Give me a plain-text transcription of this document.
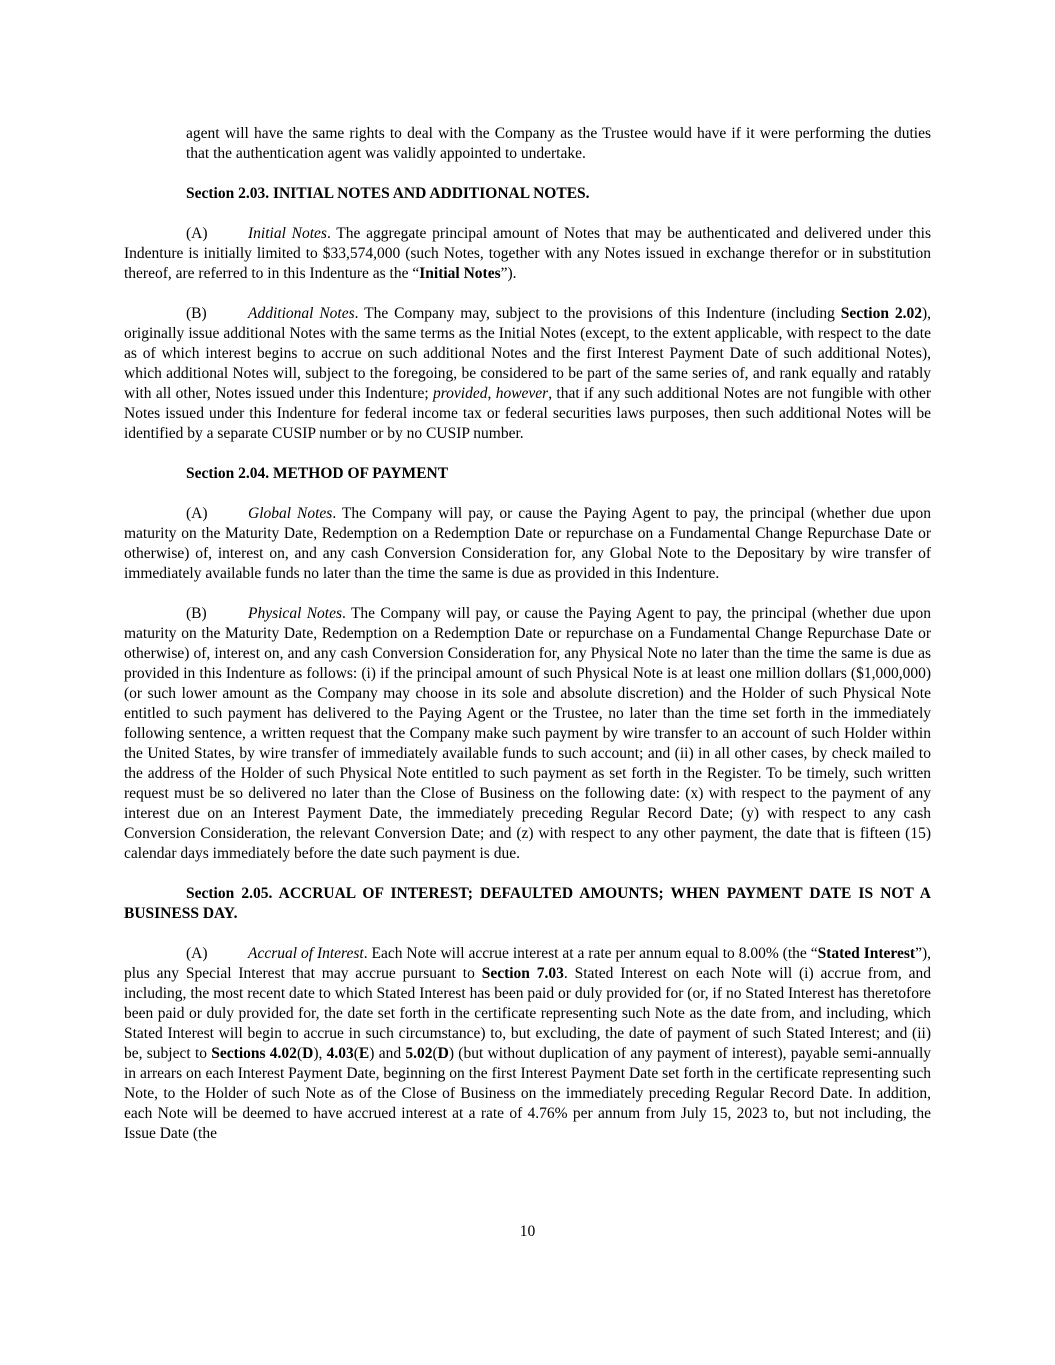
agent will have the same rights to deal with the Company as the Trustee would have if it were performing the duties that the authentication agent was validly appointed to undertake.

Section 2.03. INITIAL NOTES AND ADDITIONAL NOTES.

(A)	Initial Notes. The aggregate principal amount of Notes that may be authenticated and delivered under this Indenture is initially limited to $33,574,000 (such Notes, together with any Notes issued in exchange therefor or in substitution thereof, are referred to in this Indenture as the “Initial Notes”).

(B)	Additional Notes. The Company may, subject to the provisions of this Indenture (including Section 2.02), originally issue additional Notes with the same terms as the Initial Notes (except, to the extent applicable, with respect to the date as of which interest begins to accrue on such additional Notes and the first Interest Payment Date of such additional Notes), which additional Notes will, subject to the foregoing, be considered to be part of the same series of, and rank equally and ratably with all other, Notes issued under this Indenture; provided, however, that if any such additional Notes are not fungible with other Notes issued under this Indenture for federal income tax or federal securities laws purposes, then such additional Notes will be identified by a separate CUSIP number or by no CUSIP number.

Section 2.04. METHOD OF PAYMENT

(A)	Global Notes. The Company will pay, or cause the Paying Agent to pay, the principal (whether due upon maturity on the Maturity Date, Redemption on a Redemption Date or repurchase on a Fundamental Change Repurchase Date or otherwise) of, interest on, and any cash Conversion Consideration for, any Global Note to the Depositary by wire transfer of immediately available funds no later than the time the same is due as provided in this Indenture.

(B)	Physical Notes. The Company will pay, or cause the Paying Agent to pay, the principal (whether due upon maturity on the Maturity Date, Redemption on a Redemption Date or repurchase on a Fundamental Change Repurchase Date or otherwise) of, interest on, and any cash Conversion Consideration for, any Physical Note no later than the time the same is due as provided in this Indenture as follows: (i) if the principal amount of such Physical Note is at least one million dollars ($1,000,000) (or such lower amount as the Company may choose in its sole and absolute discretion) and the Holder of such Physical Note entitled to such payment has delivered to the Paying Agent or the Trustee, no later than the time set forth in the immediately following sentence, a written request that the Company make such payment by wire transfer to an account of such Holder within the United States, by wire transfer of immediately available funds to such account; and (ii) in all other cases, by check mailed to the address of the Holder of such Physical Note entitled to such payment as set forth in the Register. To be timely, such written request must be so delivered no later than the Close of Business on the following date: (x) with respect to the payment of any interest due on an Interest Payment Date, the immediately preceding Regular Record Date; (y) with respect to any cash Conversion Consideration, the relevant Conversion Date; and (z) with respect to any other payment, the date that is fifteen (15) calendar days immediately before the date such payment is due.

Section 2.05. ACCRUAL OF INTEREST; DEFAULTED AMOUNTS; WHEN PAYMENT DATE IS NOT A BUSINESS DAY.

(A)	Accrual of Interest. Each Note will accrue interest at a rate per annum equal to 8.00% (the “Stated Interest”), plus any Special Interest that may accrue pursuant to Section 7.03. Stated Interest on each Note will (i) accrue from, and including, the most recent date to which Stated Interest has been paid or duly provided for (or, if no Stated Interest has theretofore been paid or duly provided for, the date set forth in the certificate representing such Note as the date from, and including, which Stated Interest will begin to accrue in such circumstance) to, but excluding, the date of payment of such Stated Interest; and (ii) be, subject to Sections 4.02(D), 4.03(E) and 5.02(D) (but without duplication of any payment of interest), payable semi-annually in arrears on each Interest Payment Date, beginning on the first Interest Payment Date set forth in the certificate representing such Note, to the Holder of such Note as of the Close of Business on the immediately preceding Regular Record Date. In addition, each Note will be deemed to have accrued interest at a rate of 4.76% per annum from July 15, 2023 to, but not including, the Issue Date (the

10
